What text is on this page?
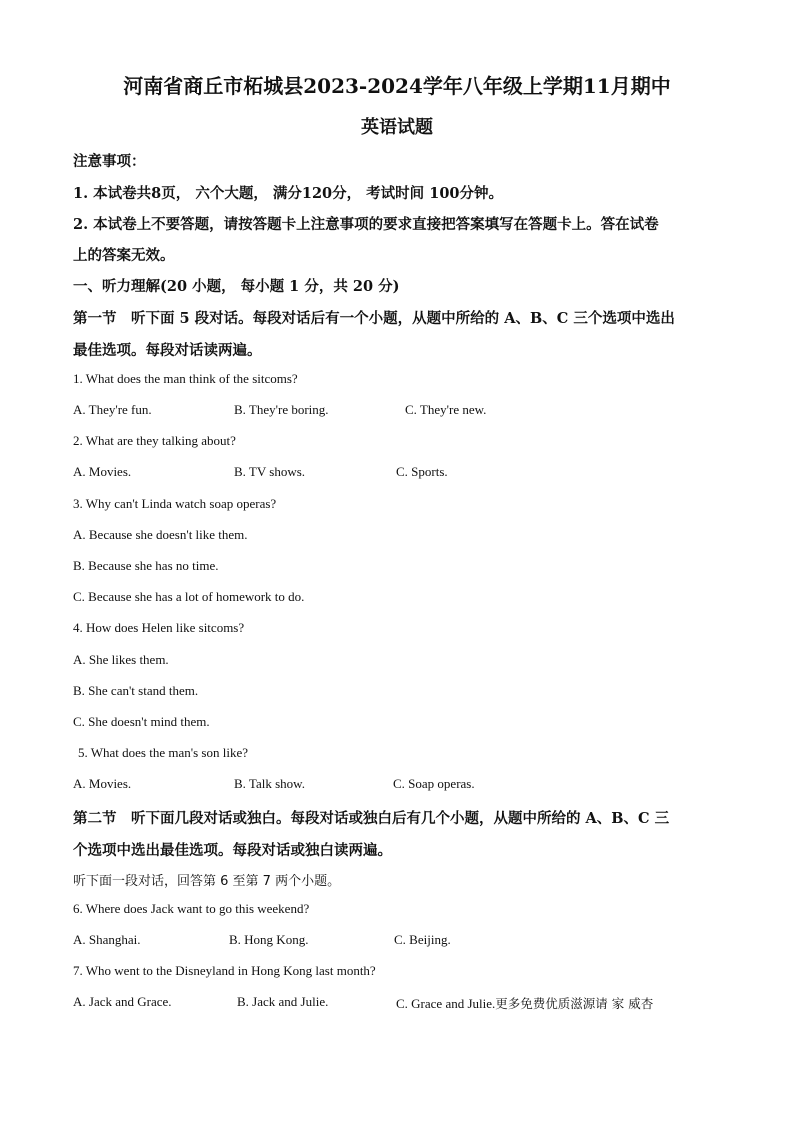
河南省商丘市柘城县2023-2024学年八年级上学期11月期中
英语试题
注意事项：
1. 本试卷共8页， 六个大题， 满分120分， 考试时间 100分钟。
2. 本试卷上不要答题，请按答题卡上注意事项的要求直接把答案填写在答题卡上。答在试卷
上的答案无效。
一、听力理解(20 小题， 每小题 1 分，共 20 分)
第一节　听下面 5 段对话。每段对话后有一个小题，从题中所给的 A、B、C 三个选项中选出
最佳选项。每段对话读两遍。
1. What does the man think of the sitcoms?
A. They're fun.	B. They're boring.	C. They're new.
2. What are they talking about?
A. Movies.	B. TV shows.	C. Sports.
3. Why can't Linda watch soap operas?
A. Because she doesn't like them.
B. Because she has no time.
C. Because she has a lot of homework to do.
4. How does Helen like sitcoms?
A. She likes them.
B. She can't stand them.
C. She doesn't mind them.
5. What does the man's son like?
A. Movies.	B. Talk show.	C. Soap operas.
第二节　听下面几段对话或独白。每段对话或独白后有几个小题，从题中所给的 A、B、C 三
个选项中选出最佳选项。每段对话或独白读两遍。
听下面一段对话，回答第 6 至第 7 两个小题。
6. Where does Jack want to go this weekend?
A. Shanghai.	B. Hong Kong.	C. Beijing.
7. Who went to the Disneyland in Hong Kong last month?
A. Jack and Grace.	B. Jack and Julie.	C. Grace and Julie.更多免费优质滋源请 家 威杏
